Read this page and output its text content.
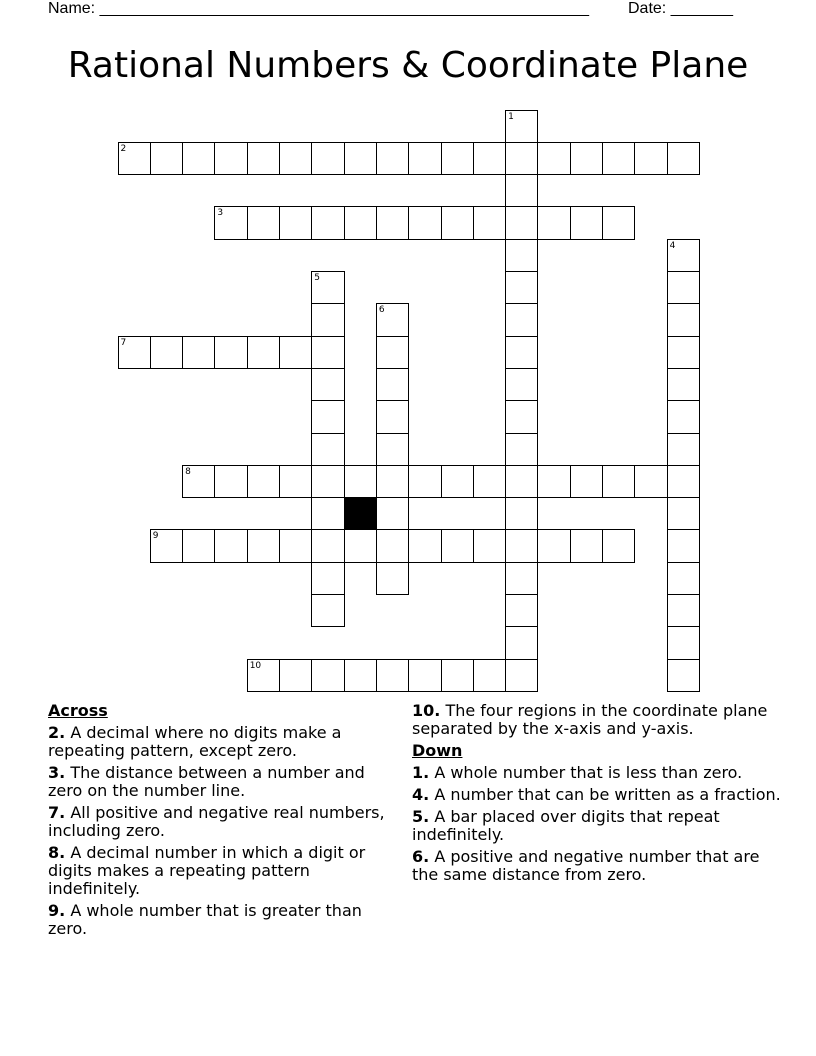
Name: _______________________________________________________ Date: _______
Rational Numbers & Coordinate Plane
1
2
3
4
5
6
7
8
9
10
Across
2. A decimal where no digits make a repeating pattern, except zero.
3. The distance between a number and zero on the number line.
7. All positive and negative real numbers, including zero.
8. A decimal number in which a digit or digits makes a repeating pattern indefinitely.
9. A whole number that is greater than zero.
10. The four regions in the coordinate plane separated by the x-axis and y-axis.
Down
1. A whole number that is less than zero.
4. A number that can be written as a fraction.
5. A bar placed over digits that repeat indefinitely.
6. A positive and negative number that are the same distance from zero.
